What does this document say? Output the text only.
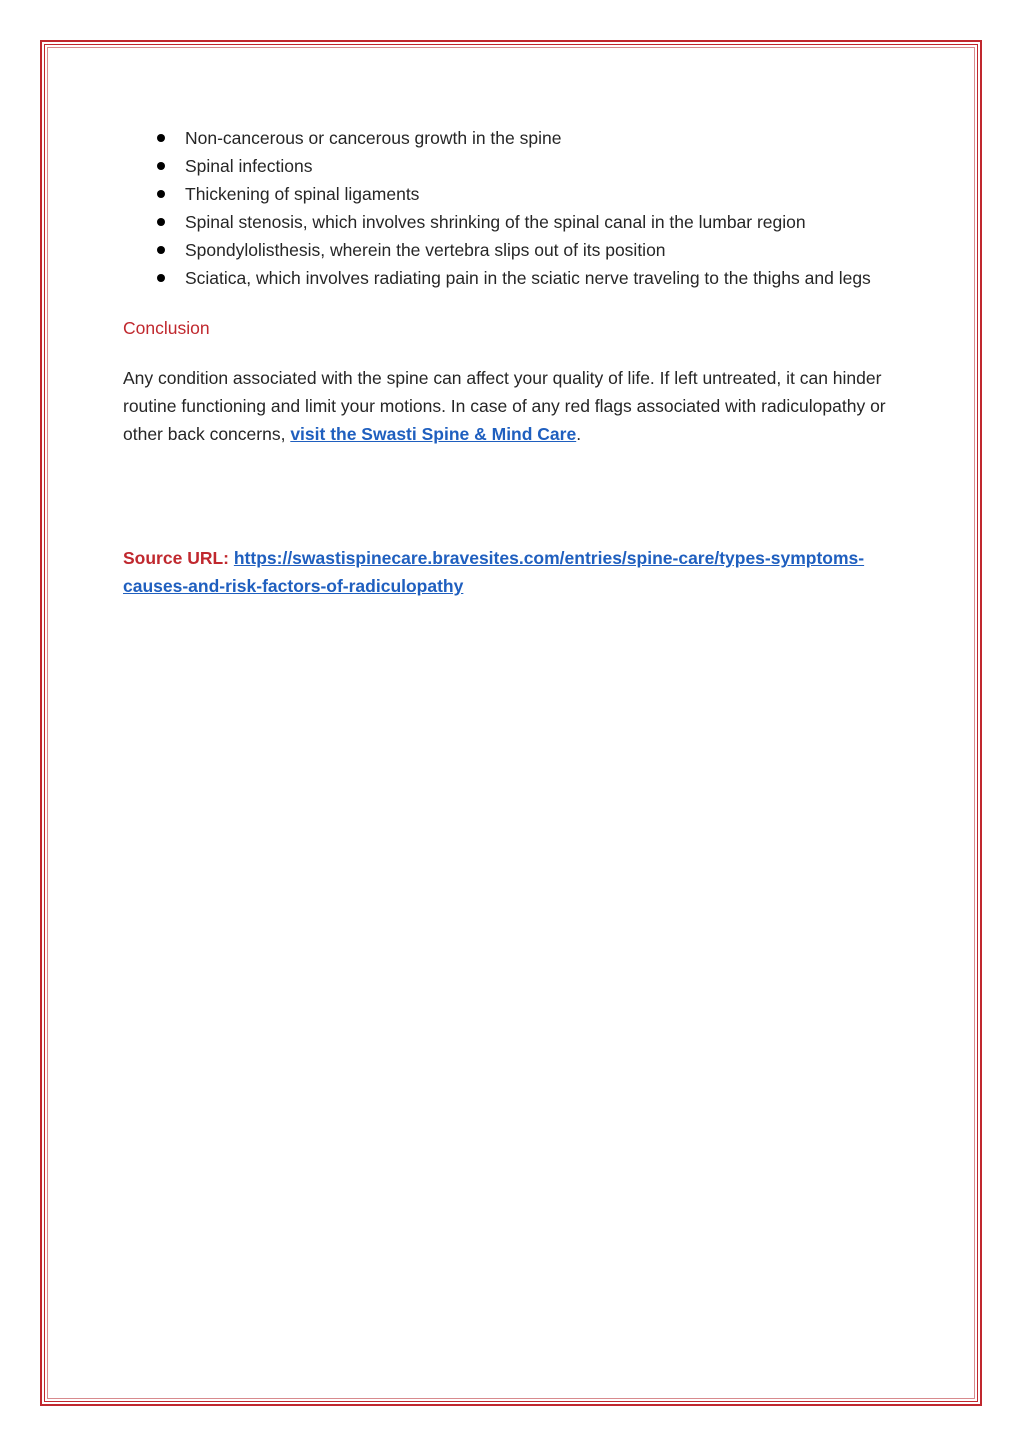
Non-cancerous or cancerous growth in the spine
Spinal infections
Thickening of spinal ligaments
Spinal stenosis, which involves shrinking of the spinal canal in the lumbar region
Spondylolisthesis, wherein the vertebra slips out of its position
Sciatica, which involves radiating pain in the sciatic nerve traveling to the thighs and legs
Conclusion
Any condition associated with the spine can affect your quality of life. If left untreated, it can hinder routine functioning and limit your motions. In case of any red flags associated with radiculopathy or other back concerns, visit the Swasti Spine & Mind Care.
Source URL: https://swastispinecare.bravesites.com/entries/spine-care/types-symptoms-causes-and-risk-factors-of-radiculopathy
